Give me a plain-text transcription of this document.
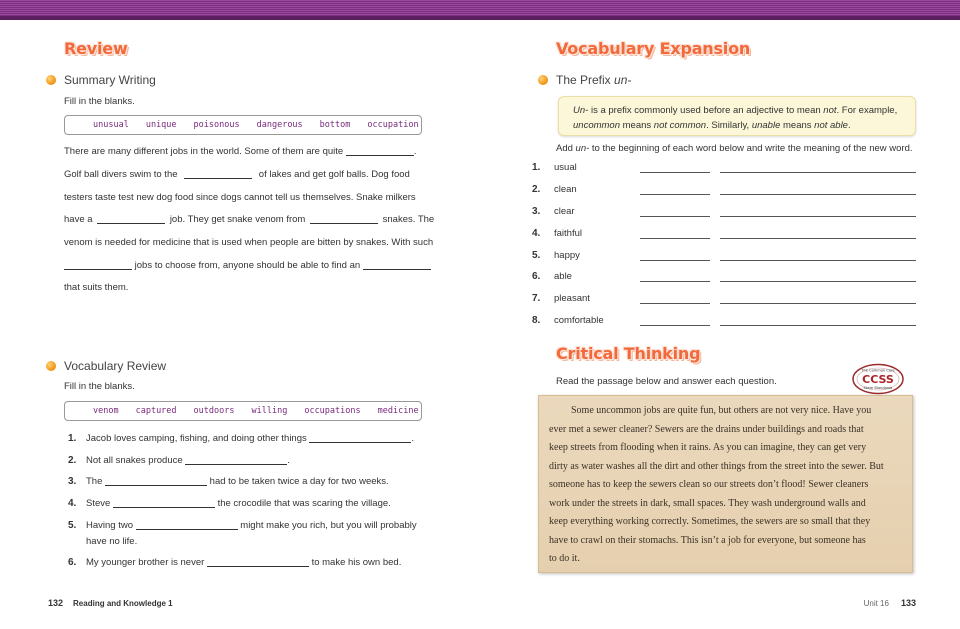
Review
Summary Writing
Fill in the blanks.
unusual unique poisonous dangerous bottom occupation
There are many different jobs in the world. Some of them are quite	.
Golf ball divers swim to the	of lakes and get golf balls. Dog food
testers taste test new dog food since dogs cannot tell us themselves. Snake milkers
have a	job. They get snake venom from	snakes. The
venom is needed for medicine that is used when people are bitten by snakes. With such
jobs to choose from, anyone should be able to find an
that suits them.
Vocabulary Review
Fill in the blanks.
venom captured outdoors willing occupations medicine
1. Jacob loves camping, fishing, and doing other things	.
2. Not all snakes produce	.
3. The	had to be taken twice a day for two weeks.
4. Steve	the crocodile that was scaring the village.
5. Having two	might make you rich, but you will probably
have no life.
6. My younger brother is never	to make his own bed.
132 Reading and Knowledge 1
Vocabulary Expansion
The Prefix
un-
Un- is a prefix commonly used before an adjective to mean not. For example,
uncommon means not common. Similarly, unable means not able.
Add un- to the beginning of each word below and write the meaning of the new word.
1. usual
2. clean
3. clear
4. faithful
5. happy
6. able
7. pleasant
8. comfortable
Critical Thinking
Read the passage below and answer each question.
The Common Core
CCSS
State Standards

Some uncommon jobs are quite fun, but others are not very nice. Have you

ever met a sewer cleaner? Sewers are the drains under buildings and roads that

keep streets from flooding when it rains. As you can imagine, they can get very

dirty as water washes all the dirt and other things from the street into the sewer. But

someone has to keep the sewers clean so our streets don’t flood! Sewer cleaners

work under the streets in dark, small spaces. They wash underground walls and

keep everything working correctly. Sometimes, the sewers are so small that they

have to crawl on their stomachs. This isn’t a job for everyone, but someone has

to do it.

Unit 16 133
